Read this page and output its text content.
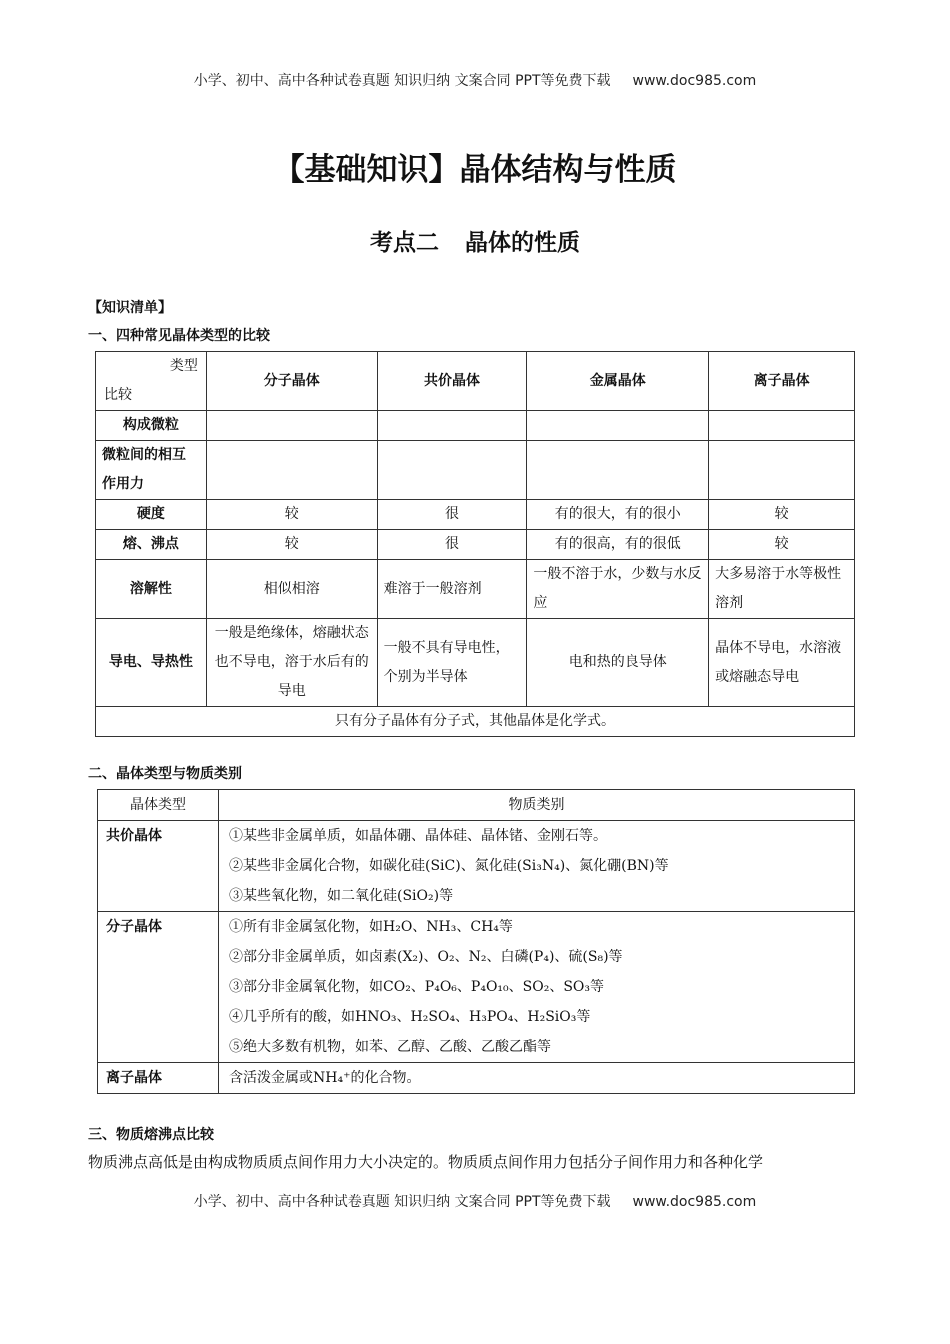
小学、初中、高中各种试卷真题 知识归纳 文案合同 PPT等免费下载 www.doc985.com
【基础知识】晶体结构与性质
考点二 晶体的性质
【知识清单】
一、四种常见晶体类型的比较
类型
比较	分子晶体	共价晶体	金属晶体	离子晶体
构成微粒				
微粒间的相互作用力				
硬度	较	很	有的很大，有的很小	较
熔、沸点	较	很	有的很高，有的很低	较
溶解性	相似相溶	难溶于一般溶剂	一般不溶于水，少数与水反应	大多易溶于水等极性溶剂
导电、导热性	一般是绝缘体，熔融状态也不导电，溶于水后有的导电	一般不具有导电性，个别为半导体	电和热的良导体	晶体不导电，水溶液或熔融态导电
只有分子晶体有分子式，其他晶体是化学式。				
二、晶体类型与物质类别
晶体类型	物质类别
共价晶体	①某些非金属单质，如晶体硼、晶体硅、晶体锗、金刚石等。
②某些非金属化合物，如碳化硅(SiC)、氮化硅(Si₃N₄)、氮化硼(BN)等
③某些氧化物，如二氧化硅(SiO₂)等

分子晶体	①所有非金属氢化物，如H₂O、NH₃、CH₄等
②部分非金属单质，如卤素(X₂)、O₂、N₂、白磷(P₄)、硫(S₈)等
③部分非金属氧化物，如CO₂、P₄O₆、P₄O₁₀、SO₂、SO₃等
④几乎所有的酸，如HNO₃、H₂SO₄、H₃PO₄、H₂SiO₃等
⑤绝大多数有机物，如苯、乙醇、乙酸、乙酸乙酯等

离子晶体	含活泼金属或NH₄⁺的化合物。
三、物质熔沸点比较
物质沸点高低是由构成物质质点间作用力大小决定的。物质质点间作用力包括分子间作用力和各种化学
小学、初中、高中各种试卷真题 知识归纳 文案合同 PPT等免费下载 www.doc985.com
